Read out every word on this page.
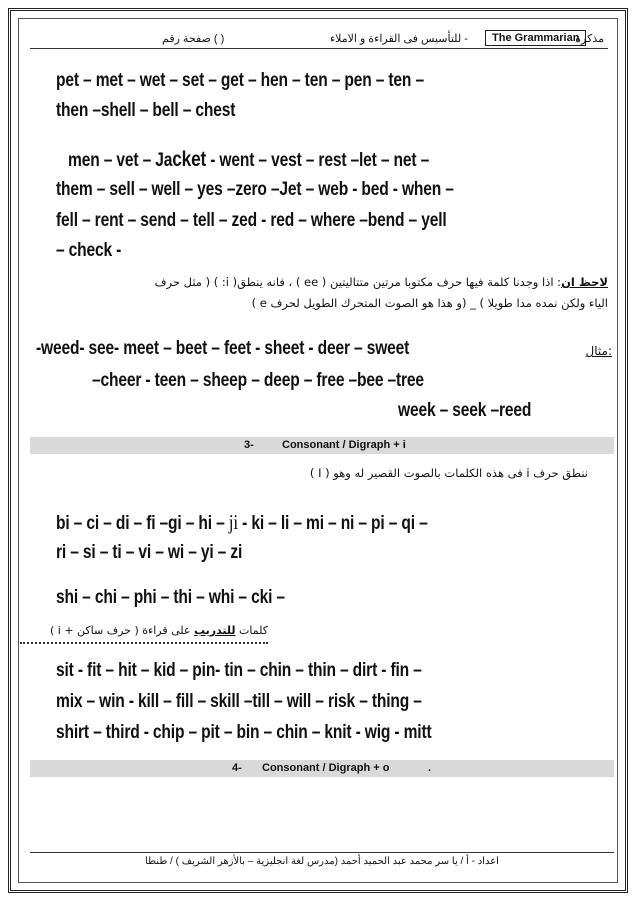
( ) صفحة رقم	- للتأسيس فى القراءة و الاملاء	The Grammarian
مذكرة
pet – met – wet – set – get – hen – ten – pen – ten –
then –shell – bell – chest
men – vet – Jacket - went – vest – rest –let – net –
them – sell – well – yes –zero –Jet – web - bed - when –
fell – rent – send – tell – zed - red – where –bend – yell
– check -
لاحظ ان: اذا وجدنا كلمة فيها حرف مكتوبا مرتين متتاليتين ( ee ) ، فانه ينطق( i: ) ( مثل حرف
الياء ولكن نمده مدا طويلا ) _ (و هذا هو الصوت المتحرك الطويل لحرف e )
-weed- see- meet – beet – feet - sheet - deer – sweet	:مثال
–cheer - teen – sheep – deep – free –bee –tree
week – seek –reed
3-	Consonant / Digraph + i
ننطق حرف i فى هذه الكلمات بالصوت القصير له وهو ( I )
bi – ci – di – fi –gi – hi – ji - ki – li – mi – ni – pi – qi –
ri – si – ti – vi – wi – yi – zi
shi – chi – phi – thi – whi – cki –
كلمات للتدريب على قراءة ( حرف ساكن + i )
sit - fit – hit – kid – pin- tin – chin – thin – dirt - fin –
mix – win - kill – fill – skill –till – will – risk – thing –
shirt – third - chip – pit – bin – chin – knit - wig - mitt
4- Consonant / Digraph + o	.
اعداد - أ / يا سر محمد عبد الحميد أحمد (مدرس لغة انجليزية – بالأزهر الشريف ) / طنطا
